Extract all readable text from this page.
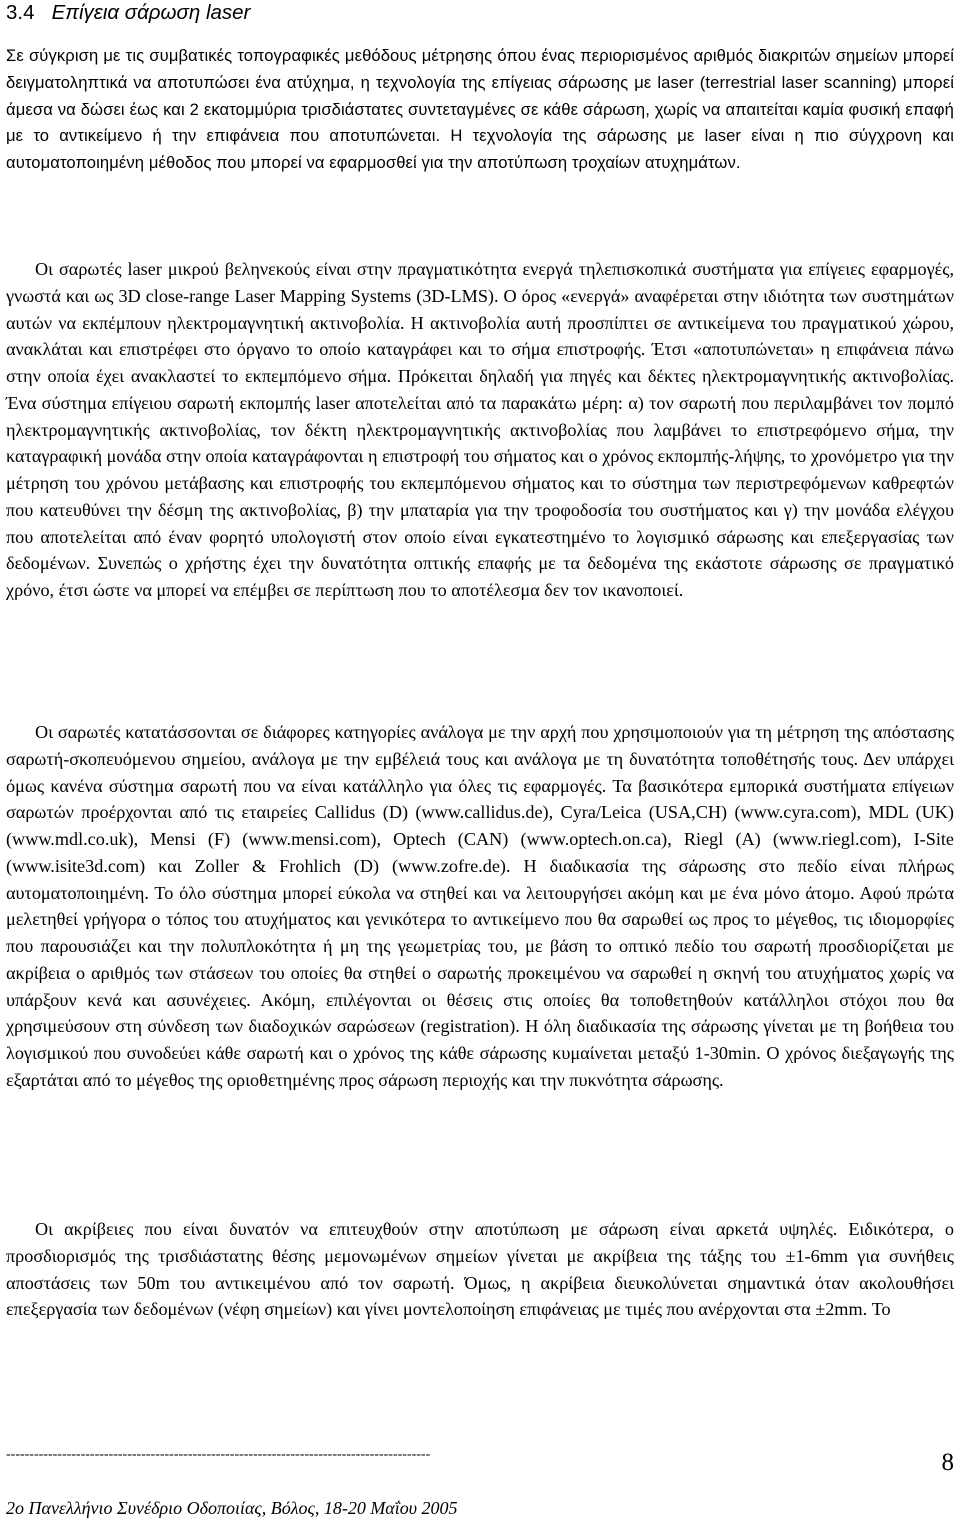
3.4 Επίγεια σάρωση laser

Σε σύγκριση με τις συμβατικές τοπογραφικές μεθόδους μέτρησης όπου ένας περιορισμένος αριθμός διακριτών σημείων μπορεί δειγματοληπτικά να αποτυπώσει ένα ατύχημα, η τεχνολογία της επίγειας σάρωσης με laser (terrestrial laser scanning) μπορεί άμεσα να δώσει έως και 2 εκατομμύρια τρισδιάστατες συντεταγμένες σε κάθε σάρωση, χωρίς να απαιτείται καμία φυσική επαφή με το αντικείμενο ή την επιφάνεια που αποτυπώνεται. Η τεχνολογία της σάρωσης με laser είναι η πιο σύγχρονη και αυτοματοποιημένη μέθοδος που μπορεί να εφαρμοσθεί για την αποτύπωση τροχαίων ατυχημάτων.

Οι σαρωτές laser μικρού βεληνεκούς είναι στην πραγματικότητα ενεργά τηλεπισκοπικά συστήματα για επίγειες εφαρμογές, γνωστά και ως 3D close-range Laser Mapping Systems (3D-LMS). Ο όρος «ενεργά» αναφέρεται στην ιδιότητα των συστημάτων αυτών να εκπέμπουν ηλεκτρομαγνητική ακτινοβολία. Η ακτινοβολία αυτή προσπίπτει σε αντικείμενα του πραγματικού χώρου, ανακλάται και επιστρέφει στο όργανο το οποίο καταγράφει και το σήμα επιστροφής. Έτσι «αποτυπώνεται» η επιφάνεια πάνω στην οποία έχει ανακλαστεί το εκπεμπόμενο σήμα. Πρόκειται δηλαδή για πηγές και δέκτες ηλεκτρομαγνητικής ακτινοβολίας. Ένα σύστημα επίγειου σαρωτή εκπομπής laser αποτελείται από τα παρακάτω μέρη: α) τον σαρωτή που περιλαμβάνει τον πομπό ηλεκτρομαγνητικής ακτινοβολίας, τον δέκτη ηλεκτρομαγνητικής ακτινοβολίας που λαμβάνει το επιστρεφόμενο σήμα, την καταγραφική μονάδα στην οποία καταγράφονται η επιστροφή του σήματος και ο χρόνος εκπομπής-λήψης, το χρονόμετρο για την μέτρηση του χρόνου μετάβασης και επιστροφής του εκπεμπόμενου σήματος και το σύστημα των περιστρεφόμενων καθρεφτών που κατευθύνει την δέσμη της ακτινοβολίας, β) την μπαταρία για την τροφοδοσία του συστήματος και γ) την μονάδα ελέγχου που αποτελείται από έναν φορητό υπολογιστή στον οποίο είναι εγκατεστημένο το λογισμικό σάρωσης και επεξεργασίας των δεδομένων. Συνεπώς ο χρήστης έχει την δυνατότητα οπτικής επαφής με τα δεδομένα της εκάστοτε σάρωσης σε πραγματικό χρόνο, έτσι ώστε να μπορεί να επέμβει σε περίπτωση που το αποτέλεσμα δεν τον ικανοποιεί.

Οι σαρωτές κατατάσσονται σε διάφορες κατηγορίες ανάλογα με την αρχή που χρησιμοποιούν για τη μέτρηση της απόστασης σαρωτή-σκοπευόμενου σημείου, ανάλογα με την εμβέλειά τους και ανάλογα με τη δυνατότητα τοποθέτησής τους. Δεν υπάρχει όμως κανένα σύστημα σαρωτή που να είναι κατάλληλο για όλες τις εφαρμογές. Τα βασικότερα εμπορικά συστήματα επίγειων σαρωτών προέρχονται από τις εταιρείες Callidus (D) (www.callidus.de), Cyra/Leica (USA,CH) (www.cyra.com), MDL (UK) (www.mdl.co.uk), Mensi (F) (www.mensi.com), Optech (CAN) (www.optech.on.ca), Riegl (A) (www.riegl.com), I-Site (www.isite3d.com) και Zoller & Frohlich (D) (www.zofre.de). Η διαδικασία της σάρωσης στο πεδίο είναι πλήρως αυτοματοποιημένη. Το όλο σύστημα μπορεί εύκολα να στηθεί και να λειτουργήσει ακόμη και με ένα μόνο άτομο. Αφού πρώτα μελετηθεί γρήγορα ο τόπος του ατυχήματος και γενικότερα το αντικείμενο που θα σαρωθεί ως προς το μέγεθος, τις ιδιομορφίες που παρουσιάζει και την πολυπλοκότητα ή μη της γεωμετρίας του, με βάση το οπτικό πεδίο του σαρωτή προσδιορίζεται με ακρίβεια ο αριθμός των στάσεων του οποίες θα στηθεί ο σαρωτής προκειμένου να σαρωθεί η σκηνή του ατυχήματος χωρίς να υπάρξουν κενά και ασυνέχειες. Ακόμη, επιλέγονται οι θέσεις στις οποίες θα τοποθετηθούν κατάλληλοι στόχοι που θα χρησιμεύσουν στη σύνδεση των διαδοχικών σαρώσεων (registration). Η όλη διαδικασία της σάρωσης γίνεται με τη βοήθεια του λογισμικού που συνοδεύει κάθε σαρωτή και ο χρόνος της κάθε σάρωσης κυμαίνεται μεταξύ 1-30min. Ο χρόνος διεξαγωγής της εξαρτάται από το μέγεθος της οριοθετημένης προς σάρωση περιοχής και την πυκνότητα σάρωσης.

Οι ακρίβειες που είναι δυνατόν να επιτευχθούν στην αποτύπωση με σάρωση είναι αρκετά υψηλές. Ειδικότερα, ο προσδιορισμός της τρισδιάστατης θέσης μεμονωμένων σημείων γίνεται με ακρίβεια της τάξης του ±1-6mm για συνήθεις αποστάσεις των 50m του αντικειμένου από τον σαρωτή. Όμως, η ακρίβεια διευκολύνεται σημαντικά όταν ακολουθήσει επεξεργασία των δεδομένων (νέφη σημείων) και γίνει μοντελοποίηση επιφάνειας με τιμές που ανέρχονται στα ±2mm. Το

-------------------------------------------------------------------------------------------
2ο Πανελλήνιο Συνέδριο Οδοποιίας, Βόλος, 18-20 Μαΐου 2005
8
